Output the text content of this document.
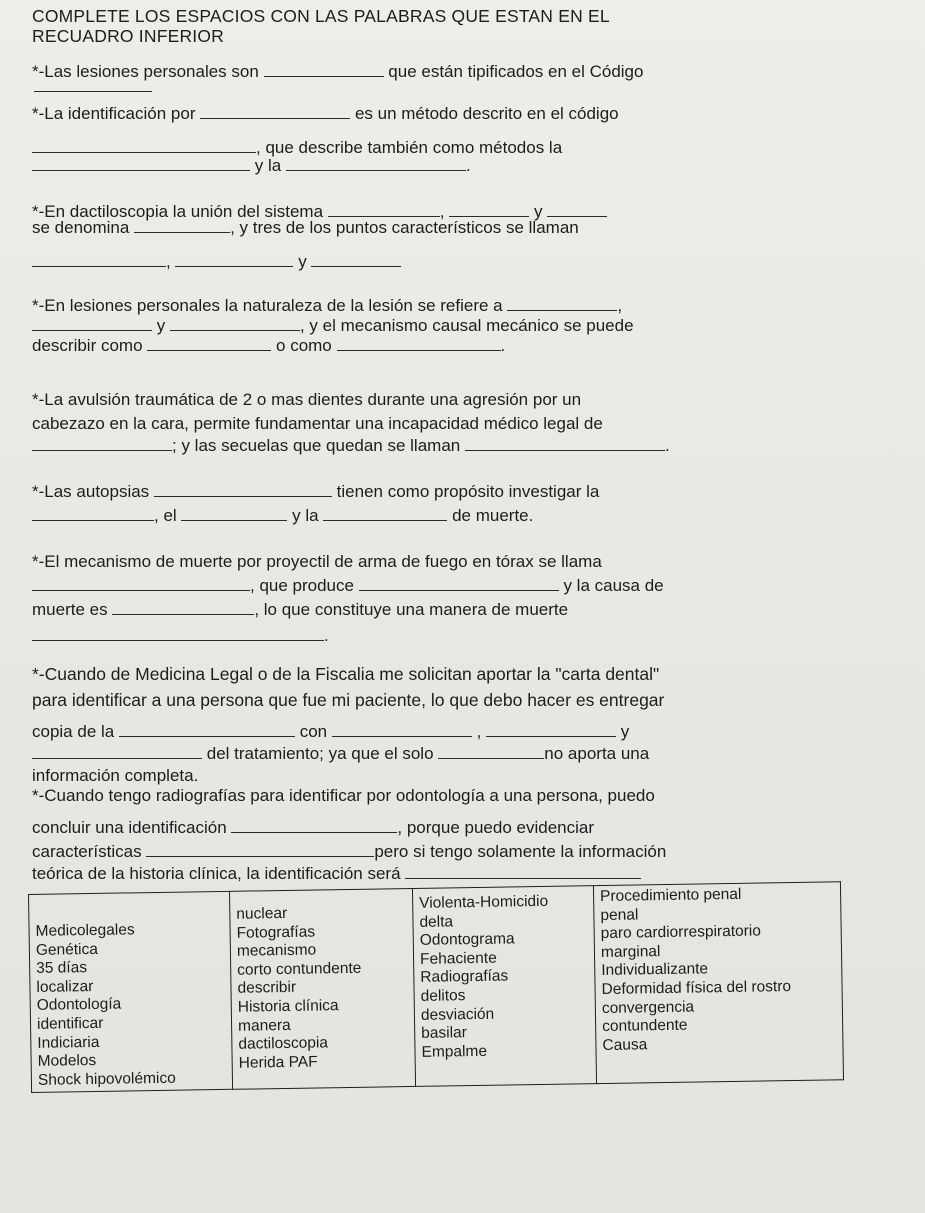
COMPLETE LOS ESPACIOS CON LAS PALABRAS QUE ESTAN EN EL
RECUADRO INFERIOR
*-Las lesiones personales son	que están tipificados en el Código
*-La identificación por	es un método descrito en el código
, que describe también como métodos la
y la	.
*-En dactiloscopia la unión del sistema	,	y
se denomina	, y tres de los puntos característicos se llaman
,	y
*-En lesiones personales la naturaleza de la lesión se refiere a	,
y	, y el mecanismo causal mecánico se puede
describir como	o como	.
*-La avulsión traumática de 2 o mas dientes durante una agresión por un
cabezazo en la cara, permite fundamentar una incapacidad médico legal de
; y las secuelas que quedan se llaman	.
*-Las autopsias	tienen como propósito investigar la
, el	y la	de muerte.
*-El mecanismo de muerte por proyectil de arma de fuego en tórax se llama
, que produce	y la causa de
muerte es	, lo que constituye una manera de muerte
.
*-Cuando de Medicina Legal o de la Fiscalia me solicitan aportar la "carta dental"
para identificar a una persona que fue mi paciente, lo que debo hacer es entregar
copia de la	con	,	y
del tratamiento; ya que el solo	no aporta una
información completa.
*-Cuando tengo radiografías para identificar por odontología a una persona, puedo
concluir una identificación	, porque puedo evidenciar
características	pero si tengo solamente la información
teórica de la historia clínica, la identificación será
Medicolegales
Genética
35 días
localizar
Odontología
identificar
Indiciaria
Modelos
Shock hipovolémico

nuclear
Fotografías
mecanismo
corto contundente
describir
Historia clínica
manera
dactiloscopia
Herida PAF

Violenta-Homicidio
delta
Odontograma
Fehaciente
Radiografías
delitos
desviación
basilar
Empalme

Procedimiento penal
penal
paro cardiorrespiratorio
marginal
Individualizante
Deformidad física del rostro
convergencia
contundente
Causa
